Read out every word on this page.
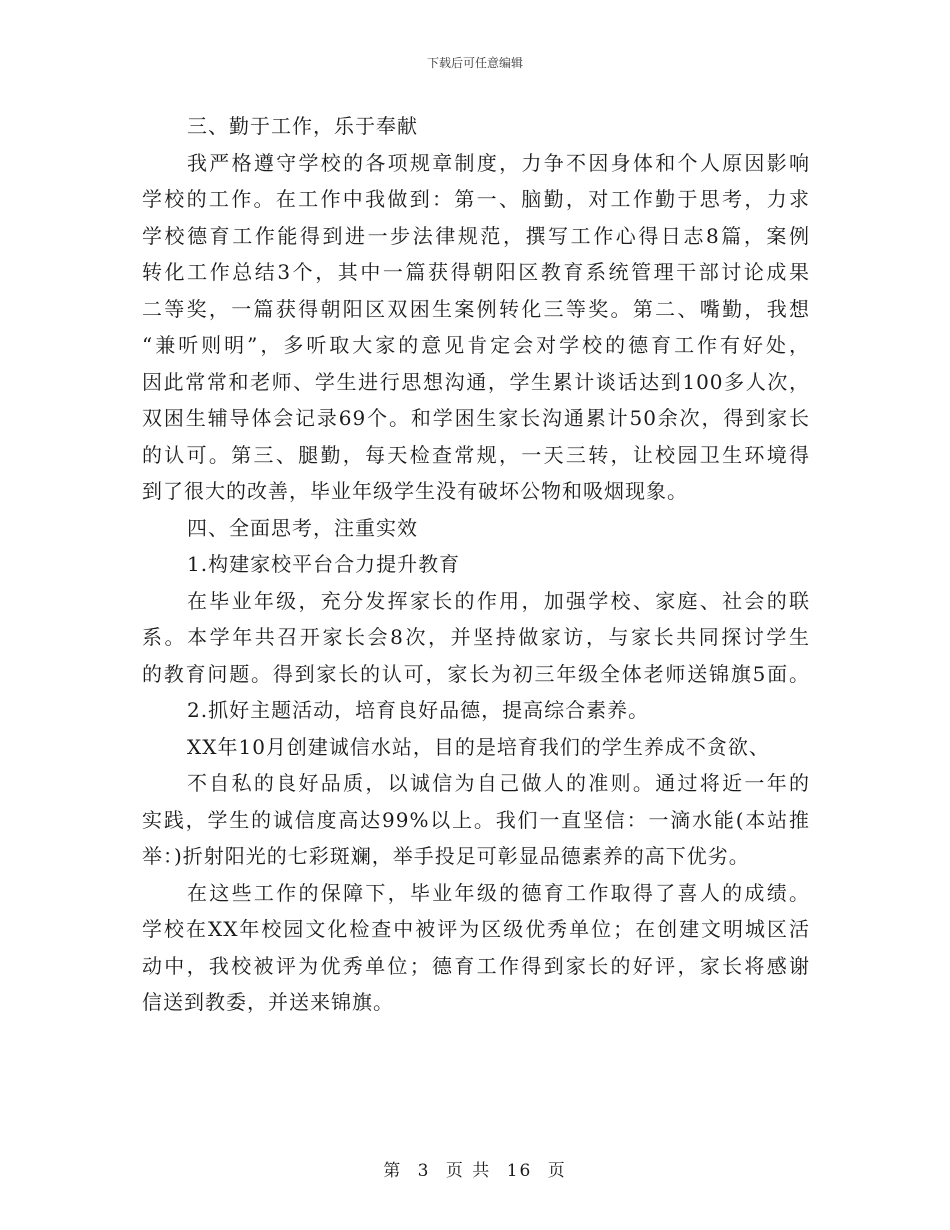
下载后可任意编辑
三、勤于工作，乐于奉献
我严格遵守学校的各项规章制度，力争不因身体和个人原因影响
学校的工作。在工作中我做到：第一、脑勤，对工作勤于思考，力求
学校德育工作能得到进一步法律规范，撰写工作心得日志8篇，案例
转化工作总结3个，其中一篇获得朝阳区教育系统管理干部讨论成果
二等奖，一篇获得朝阳区双困生案例转化三等奖。第二、嘴勤，我想
“兼听则明”，多听取大家的意见肯定会对学校的德育工作有好处，
因此常常和老师、学生进行思想沟通，学生累计谈话达到100多人次，
双困生辅导体会记录69个。和学困生家长沟通累计50余次，得到家长
的认可。第三、腿勤，每天检查常规，一天三转，让校园卫生环境得
到了很大的改善，毕业年级学生没有破坏公物和吸烟现象。
四、全面思考，注重实效
1.构建家校平台合力提升教育
在毕业年级，充分发挥家长的作用，加强学校、家庭、社会的联
系。本学年共召开家长会8次，并坚持做家访，与家长共同探讨学生
的教育问题。得到家长的认可，家长为初三年级全体老师送锦旗5面。
2.抓好主题活动，培育良好品德，提高综合素养。
XX年10月创建诚信水站，目的是培育我们的学生养成不贪欲、
不自私的良好品质，以诚信为自己做人的准则。通过将近一年的
实践，学生的诚信度高达99%以上。我们一直坚信：一滴水能(本站推
举：)折射阳光的七彩斑斓，举手投足可彰显品德素养的高下优劣。
在这些工作的保障下，毕业年级的德育工作取得了喜人的成绩。
学校在XX年校园文化检查中被评为区级优秀单位；在创建文明城区活
动中，我校被评为优秀单位；德育工作得到家长的好评，家长将感谢
信送到教委，并送来锦旗。
第 3 页 共 16 页
